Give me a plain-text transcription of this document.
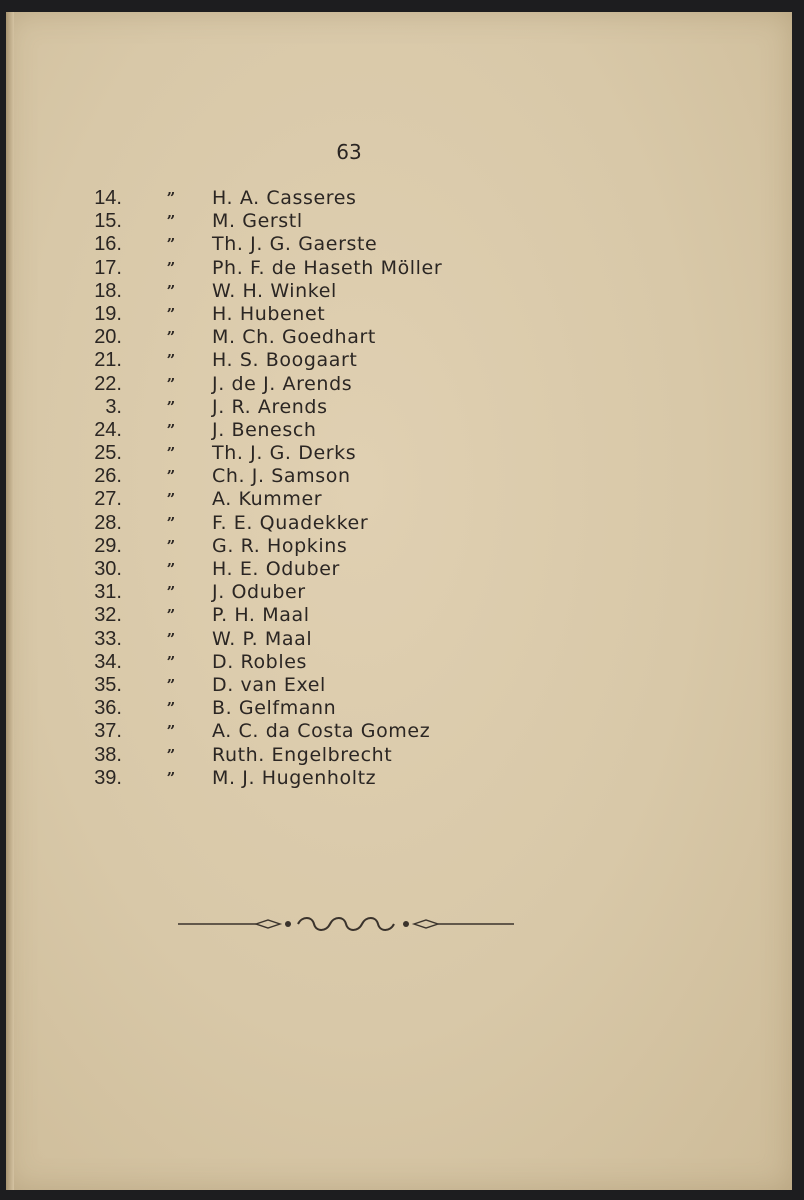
63
14.	”	H. A. Casseres
15.	”	M. Gerstl
16.	”	Th. J. G. Gaerste
17.	”	Ph. F. de Haseth Möller
18.	”	W. H. Winkel
19.	”	H. Hubenet
20.	”	M. Ch. Goedhart
21.	”	H. S. Boogaart
22.	”	J. de J. Arends
3.	”	J. R. Arends
24.	”	J. Benesch
25.	”	Th. J. G. Derks
26.	”	Ch. J. Samson
27.	”	A. Kummer
28.	”	F. E. Quadekker
29.	”	G. R. Hopkins
30.	”	H. E. Oduber
31.	”	J. Oduber
32.	”	P. H. Maal
33.	”	W. P. Maal
34.	”	D. Robles
35.	”	D. van Exel
36.	”	B. Gelfmann
37.	”	A. C. da Costa Gomez
38.	”	Ruth. Engelbrecht
39.	”	M. J. Hugenholtz
